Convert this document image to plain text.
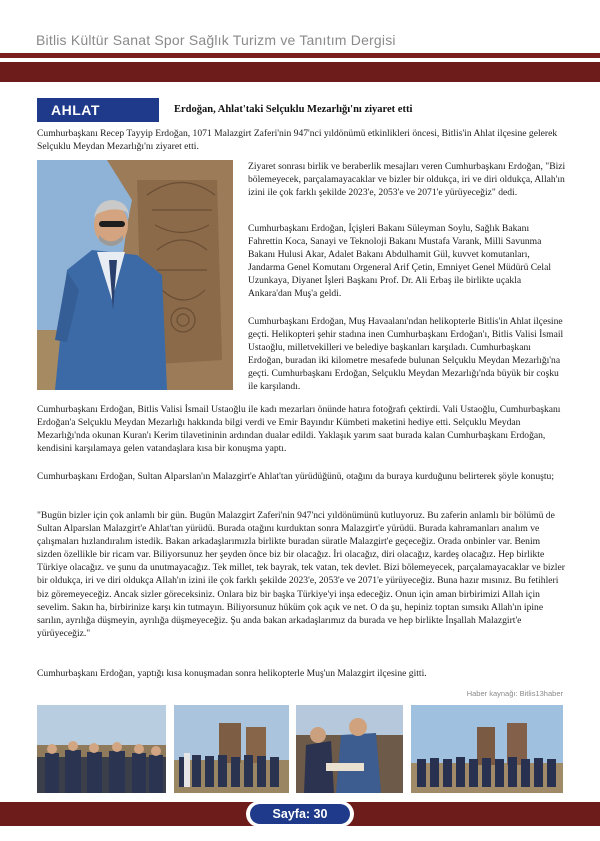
Bitlis Kültür Sanat Spor Sağlık Turizm ve Tanıtım Dergisi
AHLAT	Erdoğan, Ahlat'taki Selçuklu Mezarlığı'nı ziyaret etti

Cumhurbaşkanı Recep Tayyip Erdoğan, 1071 Malazgirt Zaferi'nin 947'nci yıldönümü etkinlikleri öncesi, Bitlis'in Ahlat ilçesine gelerek Selçuklu Meydan Mezarlığı'nı ziyaret etti.

Ziyaret sonrası birlik ve beraberlik mesajları veren Cumhurbaşkanı Erdoğan, "Bizi bölemeyecek, parçalamayacaklar ve bizler bir oldukça, iri ve diri oldukça, Allah'ın izini ile çok farklı şekilde 2023'e, 2053'e ve 2071'e yürüyeceğiz" dedi.

Cumhurbaşkanı Erdoğan, İçişleri Bakanı Süleyman Soylu, Sağlık Bakanı Fahrettin Koca, Sanayi ve Teknoloji Bakanı Mustafa Varank, Milli Savunma Bakanı Hulusi Akar, Adalet Bakanı Abdulhamit Gül, kuvvet komutanları, Jandarma Genel Komutanı Orgeneral Arif Çetin, Emniyet Genel Müdürü Celal Uzunkaya, Diyanet İşleri Başkanı Prof. Dr. Ali Erbaş ile birlikte uçakla Ankara'dan Muş'a geldi.

Cumhurbaşkanı Erdoğan, Muş Havaalanı'ndan helikopterle Bitlis'in Ahlat ilçesine geçti. Helikopteri şehir stadına inen Cumhurbaşkanı Erdoğan'ı, Bitlis Valisi İsmail Ustaoğlu, milletvekilleri ve belediye başkanları karşıladı. Cumhurbaşkanı Erdoğan, buradan iki kilometre mesafede bulunan Selçuklu Meydan Mezarlığı'na geçti. Cumhurbaşkanı Erdoğan, Selçuklu Meydan Mezarlığı'nda büyük bir coşku ile karşılandı.

Cumhurbaşkanı Erdoğan, Bitlis Valisi İsmail Ustaoğlu ile kadı mezarları önünde hatıra fotoğrafı çektirdi. Vali Ustaoğlu, Cumhurbaşkanı Erdoğan'a Selçuklu Meydan Mezarlığı hakkında bilgi verdi ve Emir Bayındır Kümbeti maketini hediye etti. Selçuklu Meydan Mezarlığı'nda okunan Kuran'ı Kerim tilavetininin ardından dualar edildi. Yaklaşık yarım saat burada kalan Cumhurbaşkanı Erdoğan, kendisini karşılamaya gelen vatandaşlara kısa bir konuşma yaptı.

Cumhurbaşkanı Erdoğan, Sultan Alparslan'ın Malazgirt'e Ahlat'tan yürüdüğünü, otağını da buraya kurduğunu belirterek şöyle konuştu;

"Bugün bizler için çok anlamlı bir gün. Bugün Malazgirt Zaferi'nin 947'nci yıldönümünü kutluyoruz. Bu zaferin anlamlı bir bölümü de Sultan Alparslan Malazgirt'e Ahlat'tan yürüdü. Burada otağını kurduktan sonra Malazgirt'e yürüdü. Burada kahramanları analım ve çalışmaları hızlandıralım istedik. Bakan arkadaşlarımızla birlikte buradan süratle Malazgirt'e geçeceğiz. Orada onbinler var. Benim sizden özellikle bir ricam var. Biliyorsunuz her şeyden önce biz bir olacağız. İri olacağız, diri olacağız, kardeş olacağız. Hep birlikte Türkiye olacağız. ve şunu da unutmayacağız. Tek millet, tek bayrak, tek vatan, tek devlet. Bizi bölemeyecek, parçalamayacaklar ve bizler bir oldukça, iri ve diri oldukça Allah'ın izini ile çok farklı şekilde 2023'e, 2053'e ve 2071'e yürüyeceğiz. Buna hazır mısınız. Bu fetihleri biz göremeyeceğiz. Ancak sizler göreceksiniz. Onlara biz bir başka Türkiye'yi inşa edeceğiz. Onun için aman birbirimizi Allah için sevelim. Sakın ha, birbirinize karşı kin tutmayın. Biliyorsunuz hüküm çok açık ve net. O da şu, hepiniz toptan sımsıkı Allah'ın ipine sarılın, ayrılığa düşmeyin, ayrılığa düşmeyeceğiz. Şu anda bakan arkadaşlarımız da burada ve hep birlikte İnşallah Malazgirt'e yürüyeceğiz."

Cumhurbaşkanı Erdoğan, yaptığı kısa konuşmadan sonra helikopterle Muş'un Malazgirt ilçesine gitti.

Haber kaynağı: Bitlis13haber
Sayfa: 30
